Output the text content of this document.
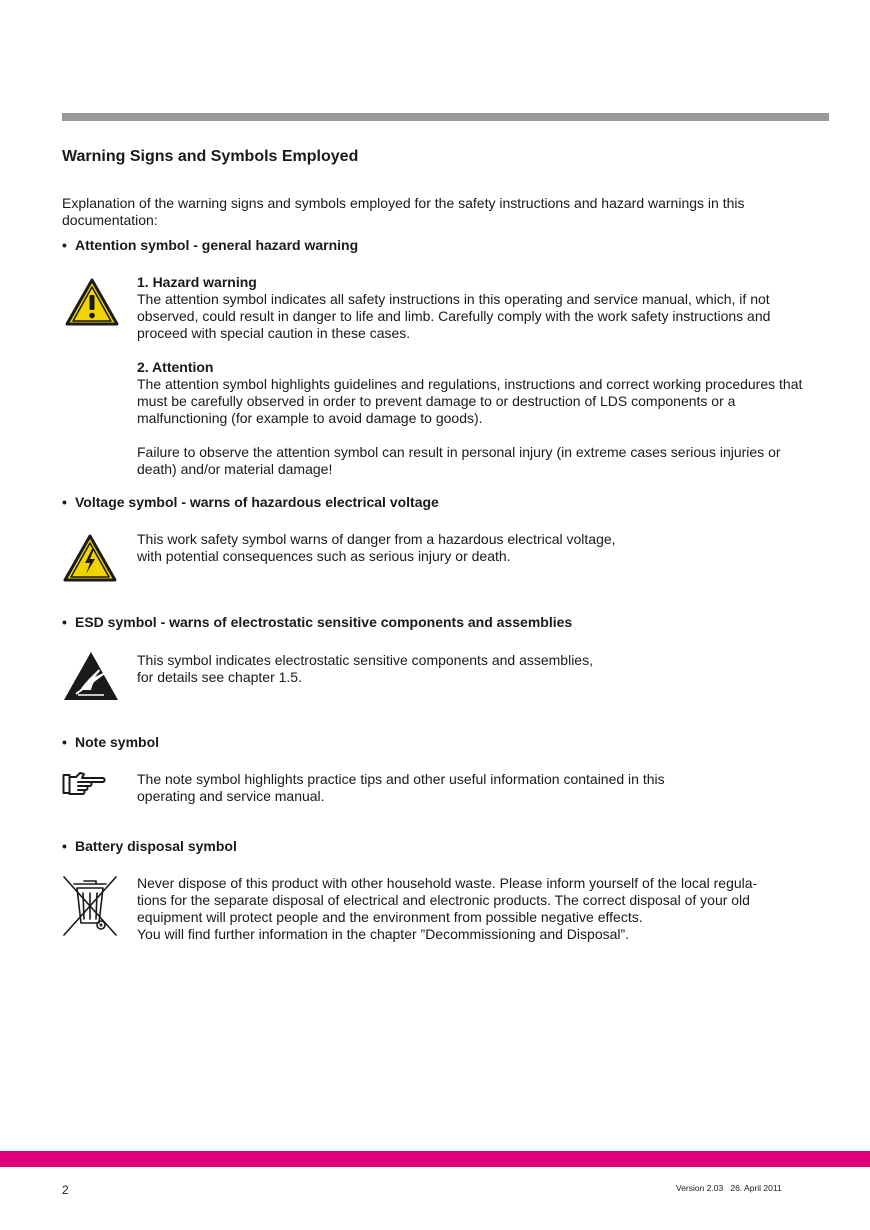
Warning Signs and Symbols Employed
Explanation of the warning signs and symbols employed for the safety instructions and hazard warnings in this documentation:
• Attention symbol - general hazard warning

1. Hazard warning

The attention symbol indicates all safety instructions in this operating and service manual, which, if not observed, could result in danger to life and limb. Carefully comply with the work safety instructions and proceed with special caution in these cases.

2. Attention

The attention symbol highlights guidelines and regulations, instructions and correct working procedures that must be carefully observed in order to prevent damage to or destruction of LDS components or a malfunctioning (for example to avoid damage to goods).

Failure to observe the attention symbol can result in personal injury (in extreme cases serious injuries or death) and/or material damage!

• Voltage symbol - warns of hazardous electrical voltage

This work safety symbol warns of danger from a hazardous electrical voltage,

with potential consequences such as serious injury or death.

• ESD symbol - warns of electrostatic sensitive components and assemblies

This symbol indicates electrostatic sensitive components and assemblies,

for details see chapter 1.5.

• Note symbol

The note symbol highlights practice tips and other useful information contained in this

operating and service manual.

• Battery disposal symbol

Never dispose of this product with other household waste. Please inform yourself of the local regula-

tions for the separate disposal of electrical and electronic products. The correct disposal of your old

equipment will protect people and the environment from possible negative effects.

You will find further information in the chapter ”Decommissioning and Disposal”.

2	Version 2.03   26. April 2011
